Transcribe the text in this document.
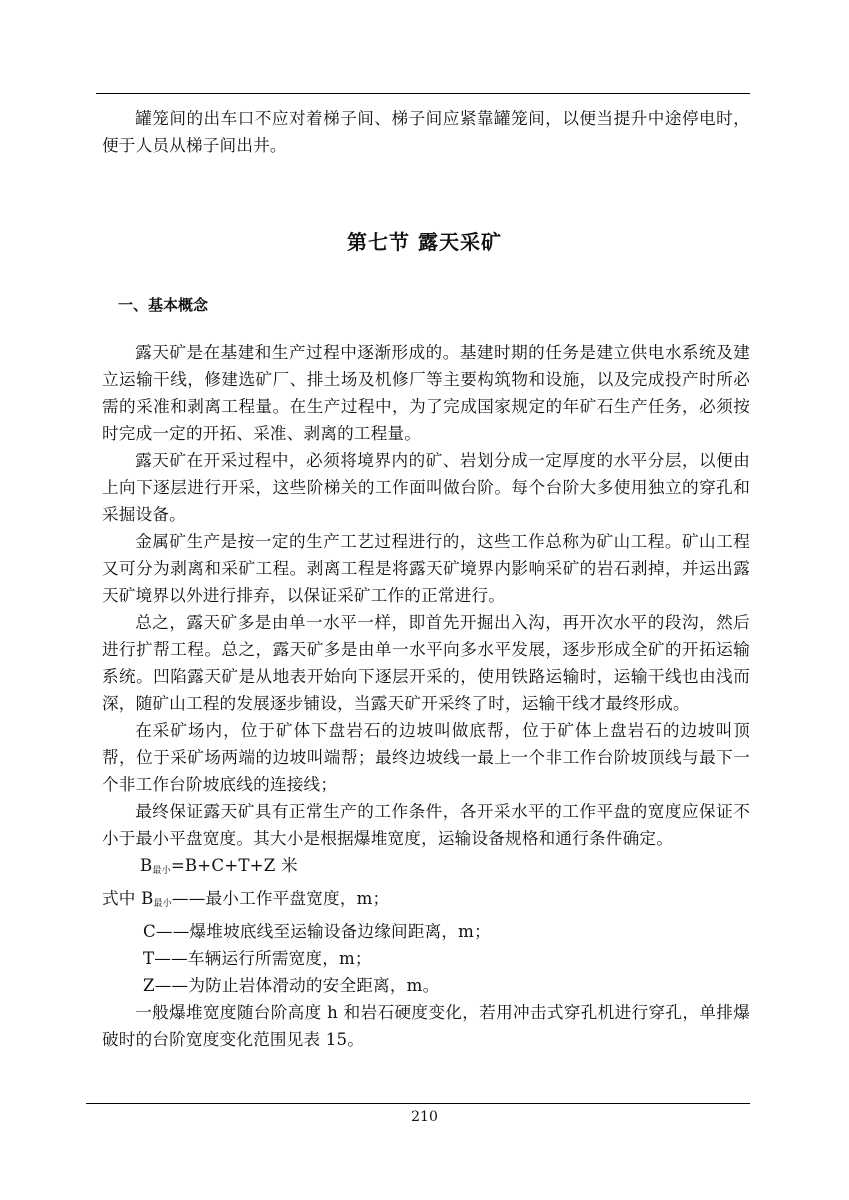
罐笼间的出车口不应对着梯子间、梯子间应紧靠罐笼间，以便当提升中途停电时，便于人员从梯子间出井。

第七节 露天采矿
一、基本概念

露天矿是在基建和生产过程中逐渐形成的。基建时期的任务是建立供电水系统及建立运输干线，修建选矿厂、排土场及机修厂等主要构筑物和设施，以及完成投产时所必需的采准和剥离工程量。在生产过程中，为了完成国家规定的年矿石生产任务，必须按时完成一定的开拓、采准、剥离的工程量。

露天矿在开采过程中，必须将境界内的矿、岩划分成一定厚度的水平分层，以便由上向下逐层进行开采，这些阶梯关的工作面叫做台阶。每个台阶大多使用独立的穿孔和采掘设备。

金属矿生产是按一定的生产工艺过程进行的，这些工作总称为矿山工程。矿山工程又可分为剥离和采矿工程。剥离工程是将露天矿境界内影响采矿的岩石剥掉，并运出露天矿境界以外进行排弃，以保证采矿工作的正常进行。

总之，露天矿多是由单一水平一样，即首先开掘出入沟，再开次水平的段沟，然后进行扩帮工程。总之，露天矿多是由单一水平向多水平发展，逐步形成全矿的开拓运输系统。凹陷露天矿是从地表开始向下逐层开采的，使用铁路运输时，运输干线也由浅而深，随矿山工程的发展逐步铺设，当露天矿开采终了时，运输干线才最终形成。

在采矿场内，位于矿体下盘岩石的边坡叫做底帮，位于矿体上盘岩石的边坡叫顶帮，位于采矿场两端的边坡叫端帮；最终边坡线一最上一个非工作台阶坡顶线与最下一个非工作台阶坡底线的连接线；

最终保证露天矿具有正常生产的工作条件，各开采水平的工作平盘的宽度应保证不小于最小平盘宽度。其大小是根据爆堆宽度，运输设备规格和通行条件确定。

$B_{最小}=B+C+T+Z$ 米

式中 $B_{最小}——$最小工作平盘宽度，m；

C——爆堆坡底线至运输设备边缘间距离，m；

T——车辆运行所需宽度，m；

Z——为防止岩体滑动的安全距离，m。

一般爆堆宽度随台阶高度 h 和岩石硬度变化，若用冲击式穿孔机进行穿孔，单排爆破时的台阶宽度变化范围见表 15。

210
